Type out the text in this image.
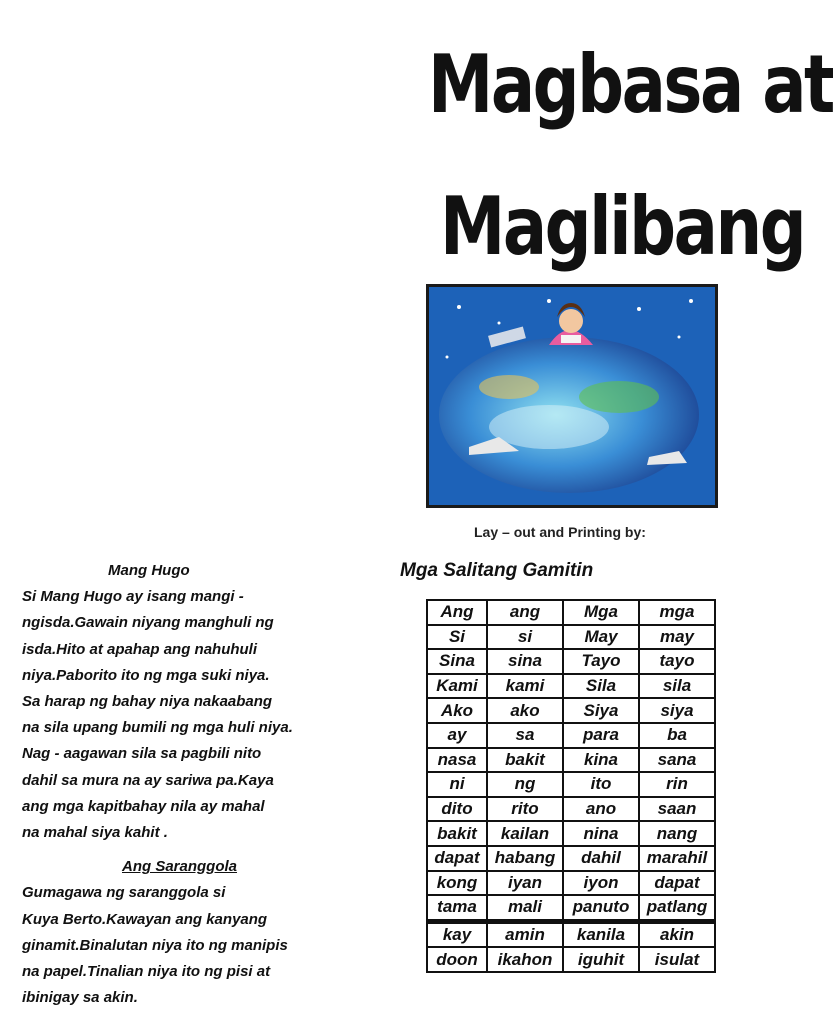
Magbasa at
Maglibang
Lay – out and Printing by:

Mang Hugo

Si Mang Hugo ay isang mangi -

ngisda.Gawain niyang manghuli ng

isda.Hito at apahap ang nahuhuli

niya.Paborito ito ng mga suki niya.

Sa harap ng bahay niya nakaabang

na sila upang bumili ng mga huli niya.

Nag - aagawan sila sa pagbili nito

dahil sa mura na ay sariwa pa.Kaya

ang mga kapitbahay nila ay mahal

na mahal siya kahit .

Ang Saranggola

Gumagawa ng saranggola si

Kuya Berto.Kawayan ang kanyang

ginamit.Binalutan niya ito ng manipis

na papel.Tinalian niya ito ng pisi at

ibinigay sa akin.

Mga Salitang Gamitin
Ang	ang	Mga	mga
Si	si	May	may
Sina	sina	Tayo	tayo
Kami	kami	Sila	sila
Ako	ako	Siya	siya
ay	sa	para	ba
nasa	bakit	kina	sana
ni	ng	ito	rin
dito	rito	ano	saan
bakit	kailan	nina	nang
dapat	habang	dahil	marahil
kong	iyan	iyon	dapat
tama	mali	panuto	patlang
kay	amin	kanila	akin
doon	ikahon	iguhit	isulat
